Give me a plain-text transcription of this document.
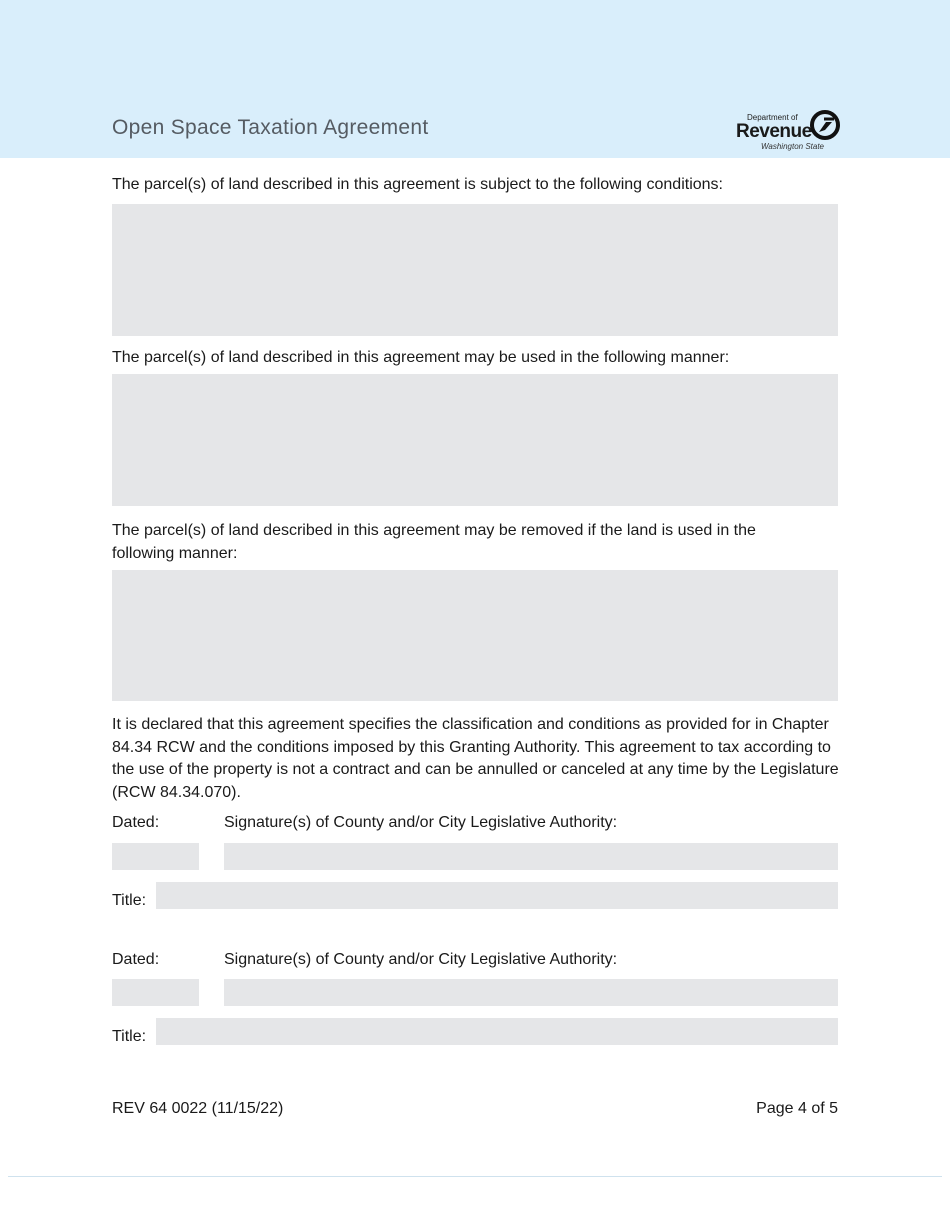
Open Space Taxation Agreement	Department of
Revenue
Washington State
The parcel(s) of land described in this agreement is subject to the following conditions:
The parcel(s) of land described in this agreement may be used in the following manner:
The parcel(s) of land described in this agreement may be removed if the land is used in the following manner:
It is declared that this agreement specifies the classification and conditions as provided for in Chapter 84.34 RCW and the conditions imposed by this Granting Authority. This agreement to tax according to the use of the property is not a contract and can be annulled or canceled at any time by the Legislature (RCW 84.34.070).
Dated:	Signature(s) of County and/or City Legislative Authority:
Title:
Dated:	Signature(s) of County and/or City Legislative Authority:
Title:
REV 64 0022 (11/15/22)	Page 4 of 5
